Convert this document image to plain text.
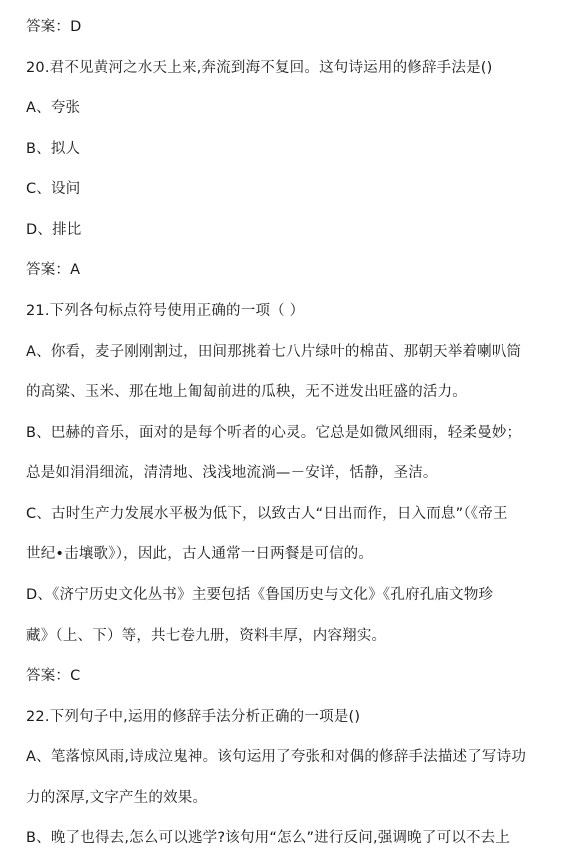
答案：D
20.君不见黄河之水天上来,奔流到海不复回。这句诗运用的修辞手法是()
A、夸张
B、拟人
C、设问
D、排比
答案：A
21.下列各句标点符号使用正确的一项（ ）
A、你看，麦子刚刚割过，田间那挑着七八片绿叶的棉苗、那朝天举着喇叭筒
的高粱、玉米、那在地上匍匐前进的瓜秧，无不迸发出旺盛的活力。
B、巴赫的音乐，面对的是每个听者的心灵。它总是如微风细雨，轻柔曼妙；
总是如涓涓细流，清清地、浅浅地流淌—－安详，恬静，圣洁。
C、古时生产力发展水平极为低下，以致古人“日出而作，日入而息”（《帝王
世纪•击壤歌》），因此，古人通常一日两餐是可信的。
D、《济宁历史文化丛书》主要包括《鲁国历史与文化》《孔府孔庙文物珍
藏》（上、下）等，共七卷九册，资料丰厚，内容翔实。
答案：C
22.下列句子中,运用的修辞手法分析正确的一项是()
A、笔落惊风雨,诗成泣鬼神。该句运用了夸张和对偶的修辞手法描述了写诗功
力的深厚,文字产生的效果。
B、晚了也得去,怎么可以逃学?该句用“怎么”进行反问,强调晚了可以不去上
